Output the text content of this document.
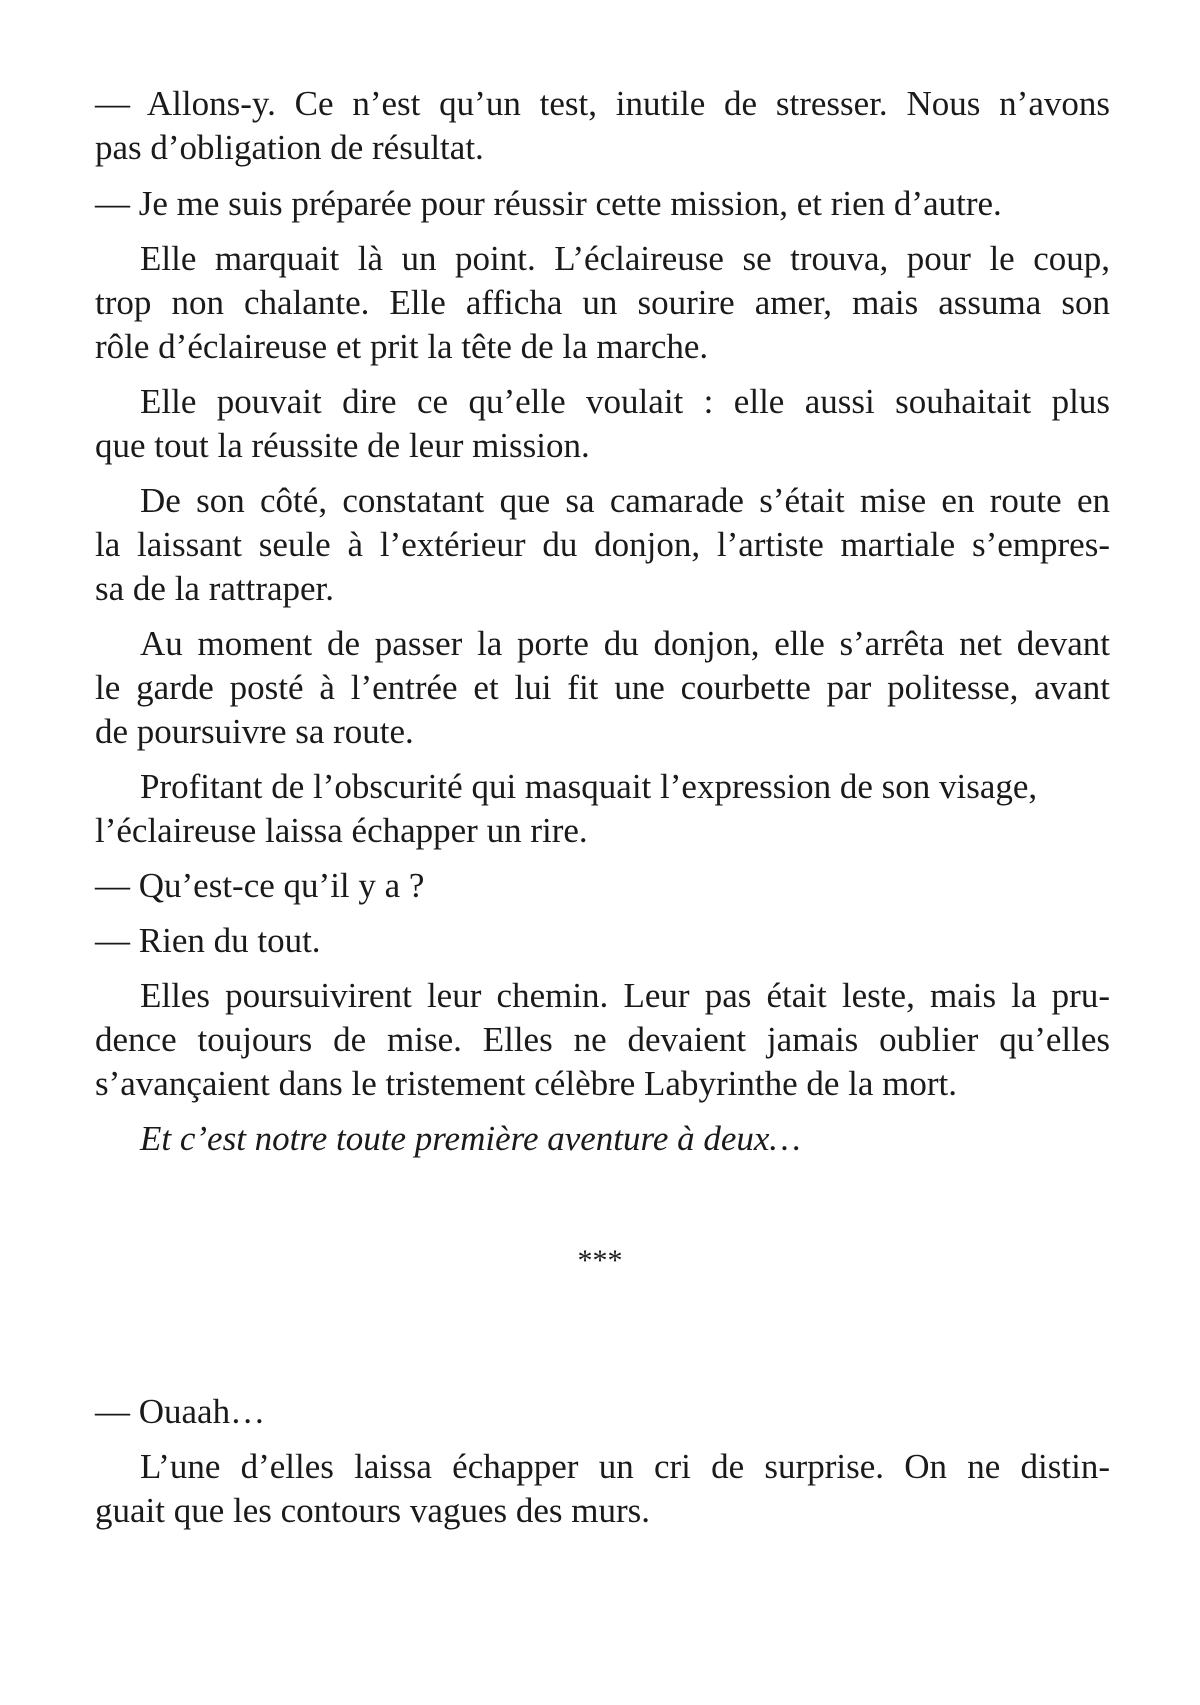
— Allons-y. Ce n’est qu’un test, inutile de stresser. Nous n’avons
pas d’obligation de résultat.
— Je me suis préparée pour réussir cette mission, et rien d’autre.
Elle marquait là un point. L’éclaireuse se trouva, pour le coup,
trop non chalante. Elle afficha un sourire amer, mais assuma son
rôle d’éclaireuse et prit la tête de la marche.
Elle pouvait dire ce qu’elle voulait : elle aussi souhaitait plus
que tout la réussite de leur mission.
De son côté, constatant que sa camarade s’était mise en route en
la laissant seule à l’extérieur du donjon, l’artiste martiale s’empres-
sa de la rattraper.
Au moment de passer la porte du donjon, elle s’arrêta net devant
le garde posté à l’entrée et lui fit une courbette par politesse, avant
de poursuivre sa route.
Profitant de l’obscurité qui masquait l’expression de son visage,
l’éclaireuse laissa échapper un rire.
— Qu’est-ce qu’il y a ?
— Rien du tout.
Elles poursuivirent leur chemin. Leur pas était leste, mais la pru-
dence toujours de mise. Elles ne devaient jamais oublier qu’elles
s’avançaient dans le tristement célèbre Labyrinthe de la mort.
Et c’est notre toute première aventure à deux…
***
— Ouaah…
L’une d’elles laissa échapper un cri de surprise. On ne distin-
guait que les contours vagues des murs.
